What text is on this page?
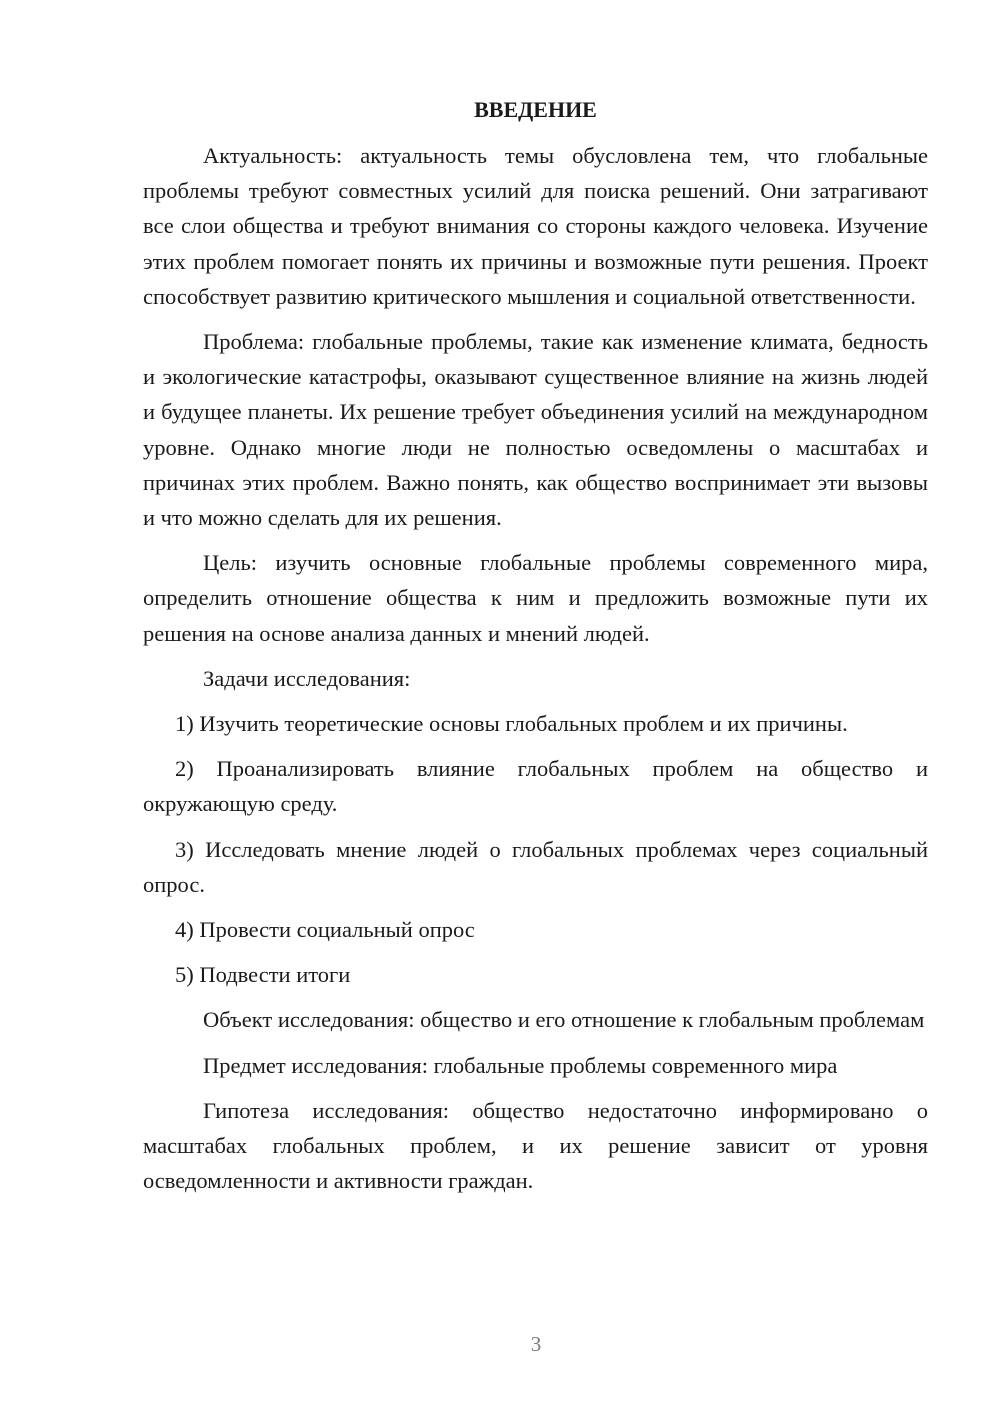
ВВЕДЕНИЕ

Актуальность: актуальность темы обусловлена тем, что глобальные проблемы требуют совместных усилий для поиска решений. Они затрагивают все слои общества и требуют внимания со стороны каждого человека. Изучение этих проблем помогает понять их причины и возможные пути решения. Проект способствует развитию критического мышления и социальной ответственности.

Проблема: глобальные проблемы, такие как изменение климата, бедность и экологические катастрофы, оказывают существенное влияние на жизнь людей и будущее планеты. Их решение требует объединения усилий на международном уровне. Однако многие люди не полностью осведомлены о масштабах и причинах этих проблем. Важно понять, как общество воспринимает эти вызовы и что можно сделать для их решения.

Цель: изучить основные глобальные проблемы современного мира, определить отношение общества к ним и предложить возможные пути их решения на основе анализа данных и мнений людей.

Задачи исследования:

1) Изучить теоретические основы глобальных проблем и их причины.

2) Проанализировать влияние глобальных проблем на общество и окружающую среду.

3) Исследовать мнение людей о глобальных проблемах через социальный опрос.

4) Провести социальный опрос

5) Подвести итоги

Объект исследования: общество и его отношение к глобальным проблемам

Предмет исследования: глобальные проблемы современного мира

Гипотеза исследования: общество недостаточно информировано о масштабах глобальных проблем, и их решение зависит от уровня осведомленности и активности граждан.

3
